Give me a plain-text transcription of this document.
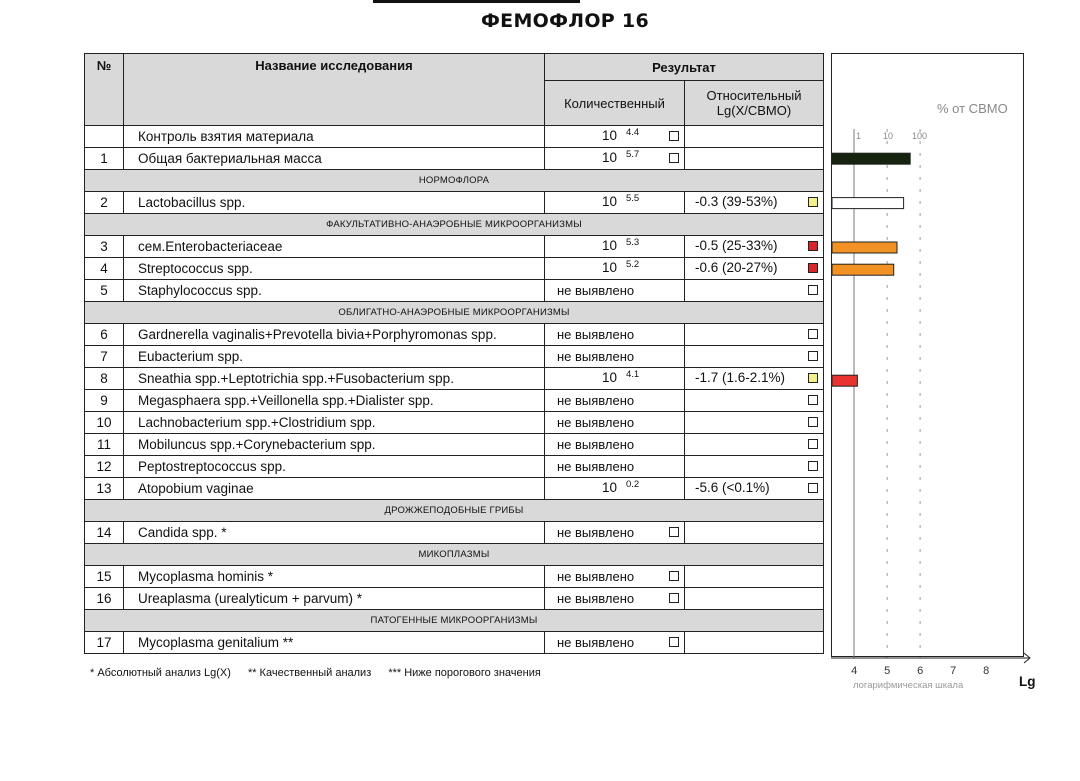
ФЕМОФЛОР 16
№	Название исследования	Результат	
		Количественный	Относительный
Lg(X/СВМО)

	Контроль взятия материала	10 4.4	

1	Общая бактериальная масса	10 5.7	

НОРМОФЛОРА			
2	Lactobacillus spp.	10 5.5	-0.3 (39-53%)

ФАКУЛЬТАТИВНО-АНАЭРОБНЫЕ МИКРООРГАНИЗМЫ			
3	сем.Enterobacteriaceae	10 5.3	-0.5 (25-33%)

4	Streptococcus spp.	10 5.2	-0.6 (20-27%)

5	Staphylococcus spp.	не выявлено	

ОБЛИГАТНО-АНАЭРОБНЫЕ МИКРООРГАНИЗМЫ			
6	Gardnerella vaginalis+Prevotella bivia+Porphyromonas spp.	не выявлено	

7	Eubacterium spp.	не выявлено	

8	Sneathia spp.+Leptotrichia spp.+Fusobacterium spp.	10 4.1	-1.7 (1.6-2.1%)

9	Megasphaera spp.+Veillonella spp.+Dialister spp.	не выявлено	

10	Lachnobacterium spp.+Clostridium spp.	не выявлено	

11	Mobiluncus spp.+Corynebacterium spp.	не выявлено	

12	Peptostreptococcus spp.	не выявлено	

13	Atopobium vaginae	10 0.2	-5.6 (<0.1%)

ДРОЖЖЕПОДОБНЫЕ ГРИБЫ			
14	Candida spp. *	не выявлено	

МИКОПЛАЗМЫ			
15	Mycoplasma hominis *	не выявлено	

16	Ureaplasma (urealyticum + parvum) *	не выявлено	

ПАТОГЕННЫЕ МИКРООРГАНИЗМЫ			
17	Mycoplasma genitalium **	не выявлено	

% от СВМО
1 10 100
4 5 6 7 8
логарифмическая шкала	Lg
* Абсолютный анализ Lg(X) ** Качественный анализ *** Ниже порогового значения
